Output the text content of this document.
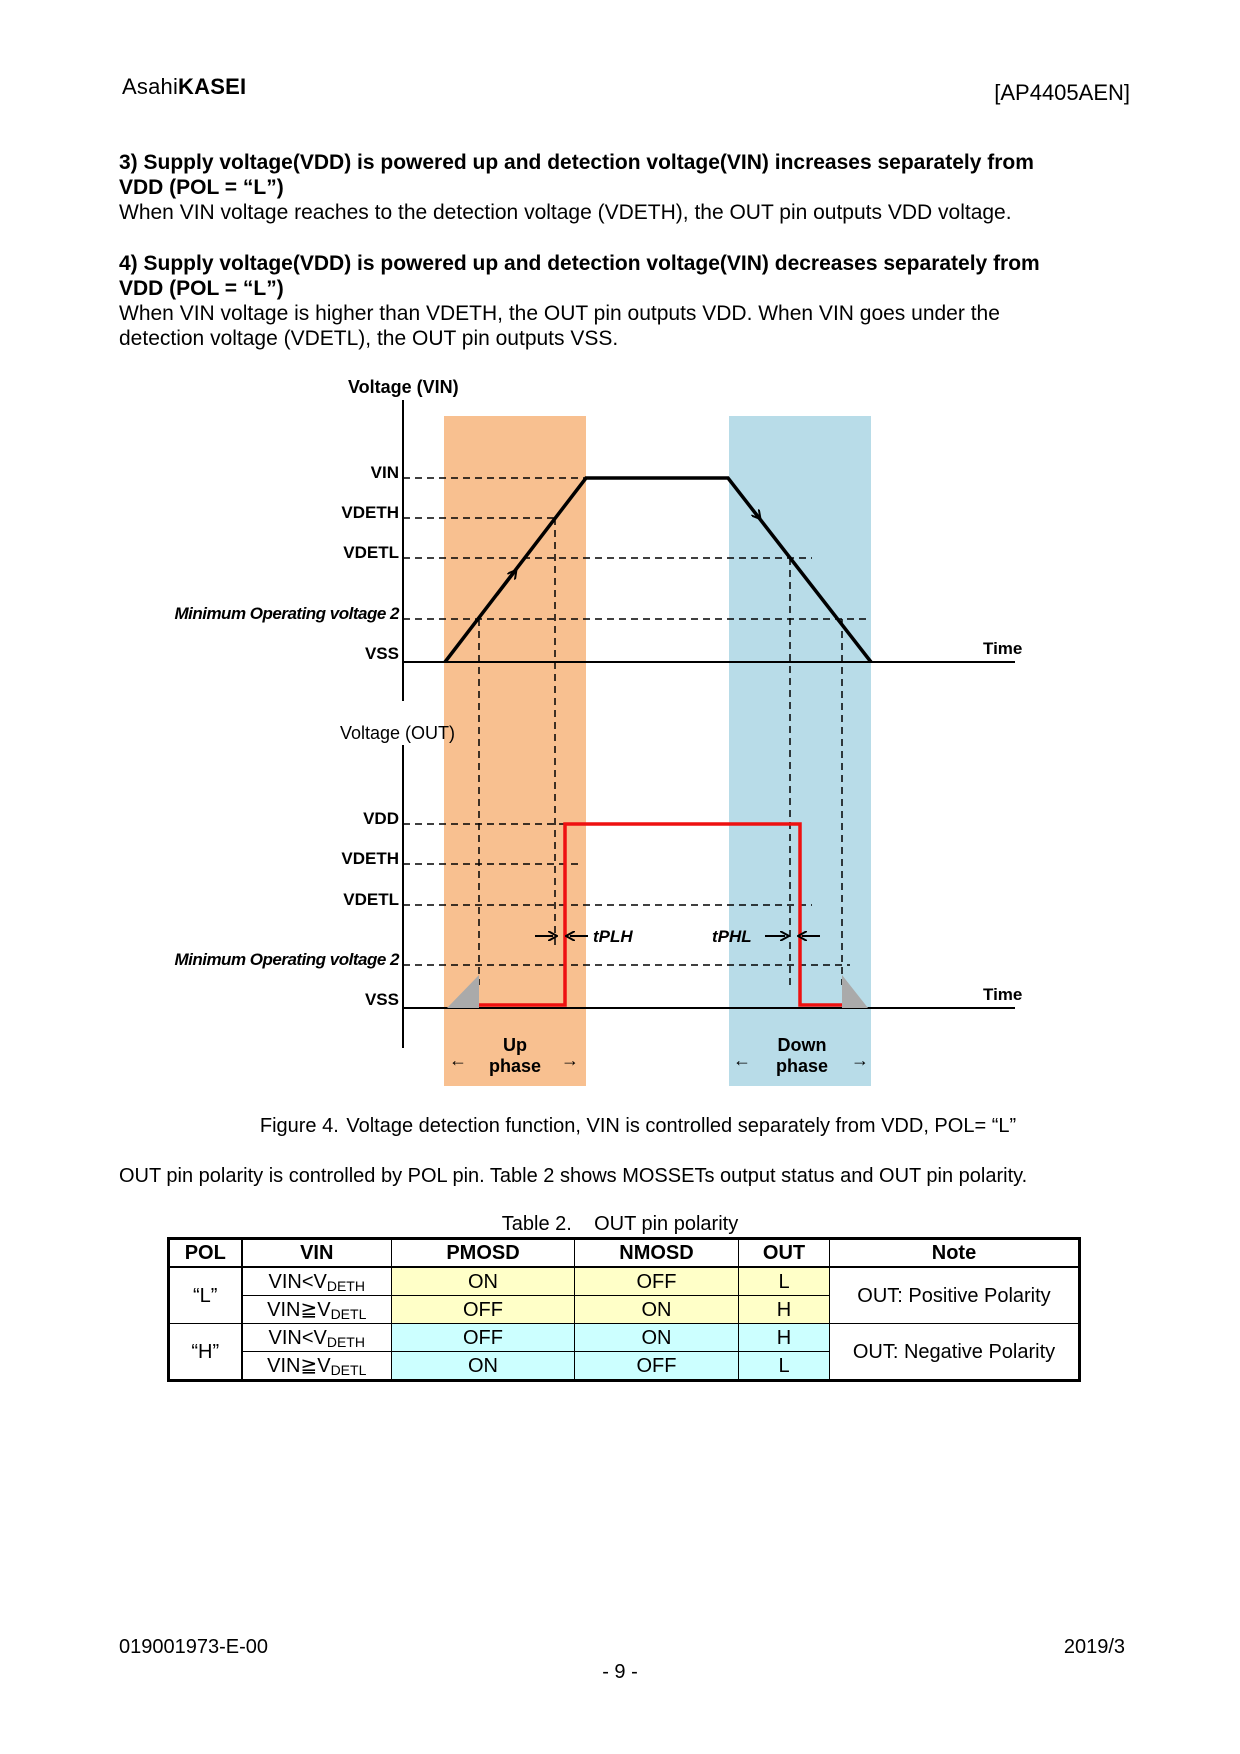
AsahiKASEI	[AP4405AEN]
3) Supply voltage(VDD) is powered up and detection voltage(VIN) increases separately from
VDD (POL = “L”)
When VIN voltage reaches to the detection voltage (VDETH), the OUT pin outputs VDD voltage.
4) Supply voltage(VDD) is powered up and detection voltage(VIN) decreases separately from
VDD (POL = “L”)
When VIN voltage is higher than VDETH, the OUT pin outputs VDD. When VIN goes under the
detection voltage (VDETL), the OUT pin outputs VSS.
Voltage (VIN)
Voltage (OUT)
Time
Time
VIN
VDETH
VDETL
Minimum Operating voltage 2
VSS
VDD
VDETH
VDETL
Minimum Operating voltage 2
VSS
tPLH	tPHL
Up
phase
←	→
Down
phase
←	→
Figure 4. Voltage detection function, VIN is controlled separately from VDD, POL= “L”
OUT pin polarity is controlled by POL pin. Table 2 shows MOSSETs output status and OUT pin polarity.
Table 2.    OUT pin polarity
POL	VIN	PMOSD	NMOSD	OUT	Note
“L”	$VIN<V_{DETH}$	ON	OFF	L	OUT: Positive Polarity
	$VIN≧V_{DETL}$	OFF	ON	H	
“H”	$VIN<V_{DETH}$	OFF	ON	H	OUT: Negative Polarity
	$VIN≧V_{DETL}$	ON	OFF	L	
019001973-E-00	2019/3
- 9 -
